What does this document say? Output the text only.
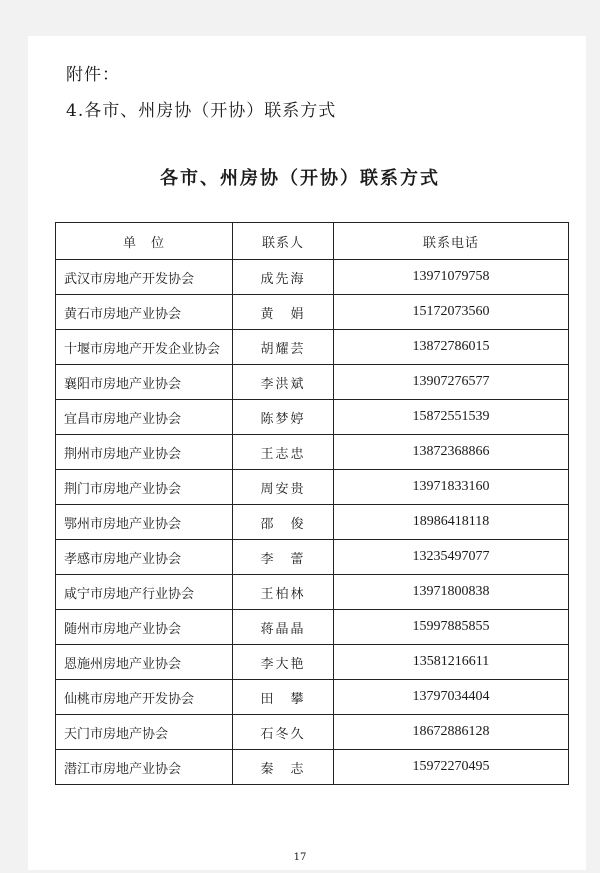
附件：
4.各市、州房协（开协）联系方式
各市、州房协（开协）联系方式
单　位	联系人	联系电话
武汉市房地产开发协会	成先海	13971079758
黄石市房地产业协会	黄　娟	15172073560
十堰市房地产开发企业协会	胡耀芸	13872786015
襄阳市房地产业协会	李洪斌	13907276577
宜昌市房地产业协会	陈梦婷	15872551539
荆州市房地产业协会	王志忠	13872368866
荆门市房地产业协会	周安贵	13971833160
鄂州市房地产业协会	邵　俊	18986418118
孝感市房地产业协会	李　蕾	13235497077
咸宁市房地产行业协会	王柏林	13971800838
随州市房地产业协会	蒋晶晶	15997885855
恩施州房地产业协会	李大艳	13581216611
仙桃市房地产开发协会	田　攀	13797034404
天门市房地产协会	石冬久	18672886128
潜江市房地产业协会	秦　志	15972270495
17
